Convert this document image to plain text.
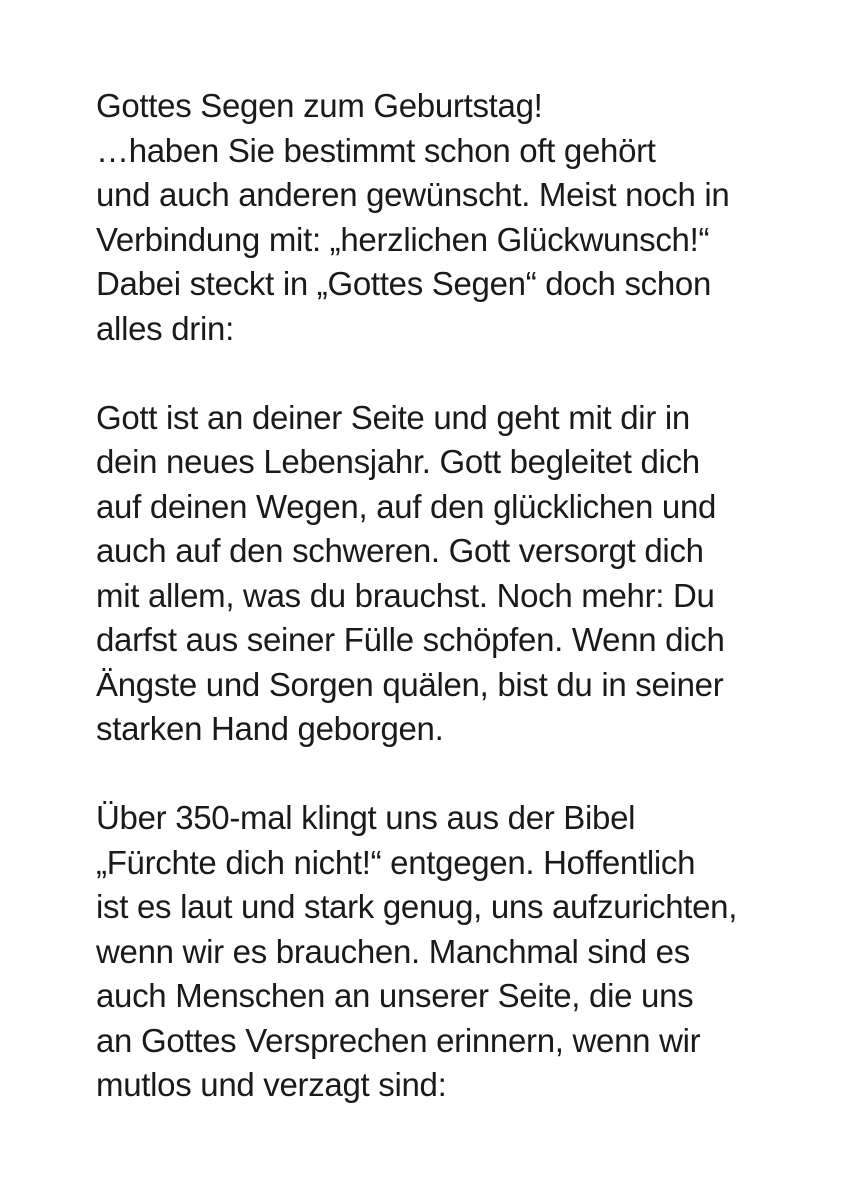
Gottes Segen zum Geburtstag!
…haben Sie bestimmt schon oft gehört
und auch anderen gewünscht. Meist noch in
Verbindung mit: „herzlichen Glückwunsch!“
Dabei steckt in „Gottes Segen“ doch schon
alles drin:
Gott ist an deiner Seite und geht mit dir in
dein neues Lebensjahr. Gott begleitet dich
auf deinen Wegen, auf den glücklichen und
auch auf den schweren. Gott versorgt dich
mit allem, was du brauchst. Noch mehr: Du
darfst aus seiner Fülle schöpfen. Wenn dich
Ängste und Sorgen quälen, bist du in seiner
starken Hand geborgen.
Über 350-mal klingt uns aus der Bibel
„Fürchte dich nicht!“ entgegen. Hoffentlich
ist es laut und stark genug, uns aufzurichten,
wenn wir es brauchen. Manchmal sind es
auch Menschen an unserer Seite, die uns
an Gottes Versprechen erinnern, wenn wir
mutlos und verzagt sind:
